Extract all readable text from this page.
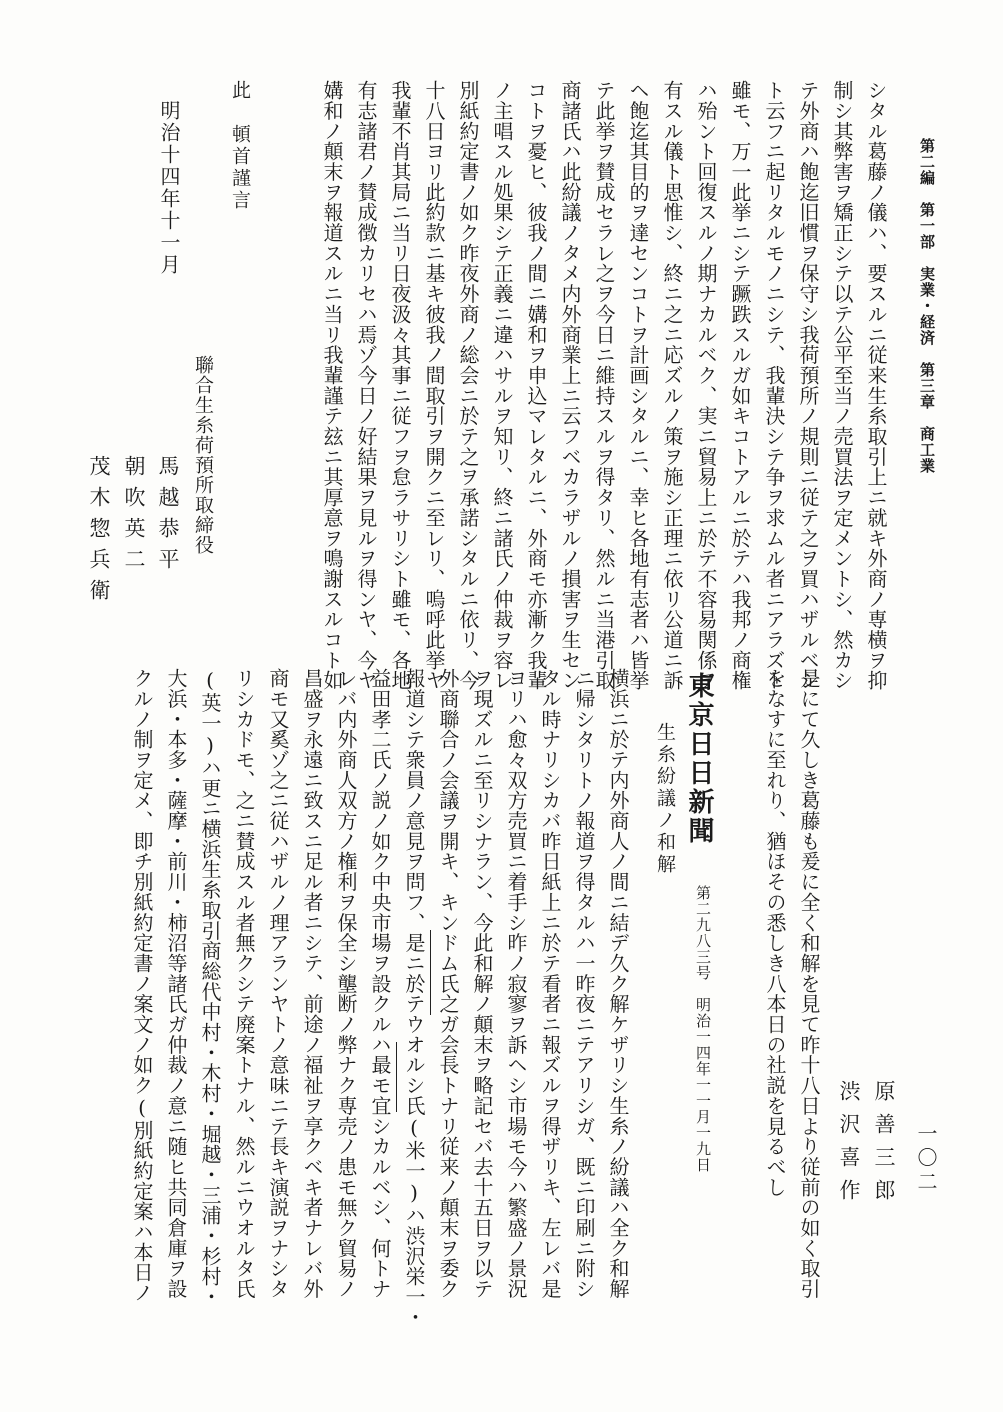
第二編　第一部　実業・経済　第三章　商工業
一〇二
シタル葛藤ノ儀ハ、要スルニ従来生糸取引上ニ就キ外商ノ専横ヲ抑
制シ其弊害ヲ矯正シテ以テ公平至当ノ売買法ヲ定メントシ、然カシ
テ外商ハ飽迄旧慣ヲ保守シ我荷預所ノ規則ニ従テ之ヲ買ハザルベシ
ト云フニ起リタルモノニシテ、我輩決シテ争ヲ求ムル者ニアラズト
雖モ、万一此挙ニシテ蹶跌スルガ如キコトアルニ於テハ我邦ノ商権
ハ殆ント回復スルノ期ナカルベク、実ニ貿易上ニ於テ不容易関係ヲ
有スル儀ト思惟シ、終ニ之ニ応ズルノ策ヲ施シ正理ニ依リ公道ニ訴
ヘ飽迄其目的ヲ達センコトヲ計画シタルニ、幸ヒ各地有志者ハ皆挙
テ此挙ヲ賛成セラレ之ヲ今日ニ維持スルヲ得タリ、然ルニ当港引取
商諸氏ハ此紛議ノタメ内外商業上ニ云フベカラザルノ損害ヲ生セン
コトヲ憂ヒ、彼我ノ間ニ媾和ヲ申込マレタルニ、外商モ亦漸ク我輩
ノ主唱スル処果シテ正義ニ違ハサルヲ知リ、終ニ諸氏ノ仲裁ヲ容レ
別紙約定書ノ如ク昨夜外商ノ総会ニ於テ之ヲ承諾シタルニ依リ、今
十八日ヨリ此約款ニ基キ彼我ノ間取引ヲ開クニ至レリ、嗚呼此挙ヤ
我輩不肖其局ニ当リ日夜汲々其事ニ従フヲ怠ラサリシト雖モ、各地
有志諸君ノ賛成徴カリセハ焉ゾ今日ノ好結果ヲ見ルヲ得ンヤ、今ヤ
媾和ノ顛末ヲ報道スルニ当リ我輩謹テ玆ニ其厚意ヲ鳴謝スルコト如
此　頓首謹言
明治十四年十一月
聯合生糸荷預所取締役
馬越恭平
朝吹英二
茂木惣兵衛
原善三郎
渋沢喜作
是にて久しき葛藤も爰に全く和解を見て昨十八日より従前の如く取引
をなすに至れり、猶ほその悉しき八本日の社説を見るべし
東京日日新聞
第二九八三号　明治一四年一一月一九日
生糸紛議ノ和解
横浜ニ於テ内外商人ノ間ニ結デ久ク解ケザリシ生糸ノ紛議ハ全ク和解
ニ帰シタリトノ報道ヲ得タルハ一昨夜ニテアリシガ、既ニ印刷ニ附シ
タル時ナリシカバ昨日紙上ニ於テ看者ニ報ズルヲ得ザリキ、左レバ是
ヨリハ愈々双方売買ニ着手シ昨ノ寂寥ヲ訴ヘシ市場モ今ハ繁盛ノ景況
ヲ現ズルニ至リシナラン、今此和解ノ顛末ヲ略記セバ去十五日ヲ以テ
外商聯合ノ会議ヲ開キ、キンドム氏之ガ会長トナリ従来ノ顛末ヲ委ク
報道シテ衆員ノ意見ヲ問フ、是ニ於テウオルシ氏(米一)ハ渋沢栄一・
益田孝二氏ノ説ノ如ク中央市場ヲ設クルハ最モ宜シカルベシ、何トナ
レバ内外商人双方ノ権利ヲ保全シ壟断ノ弊ナク専売ノ患モ無ク貿易ノ
昌盛ヲ永遠ニ致スニ足ル者ニシテ、前途ノ福祉ヲ享クベキ者ナレバ外
商モ又奚ゾ之ニ従ハザルノ理アランヤトノ意味ニテ長キ演説ヲナシタ
リシカドモ、之ニ賛成スル者無クシテ廃案トナル、然ルニウオルタ氏
(英一)ハ更ニ横浜生糸取引商総代中村・木村・堀越・三浦・杉村・
大浜・本多・薩摩・前川・柿沼等諸氏ガ仲裁ノ意ニ随ヒ共同倉庫ヲ設
クルノ制ヲ定メ、即チ別紙約定書ノ案文ノ如ク(別紙約定案ハ本日ノ
